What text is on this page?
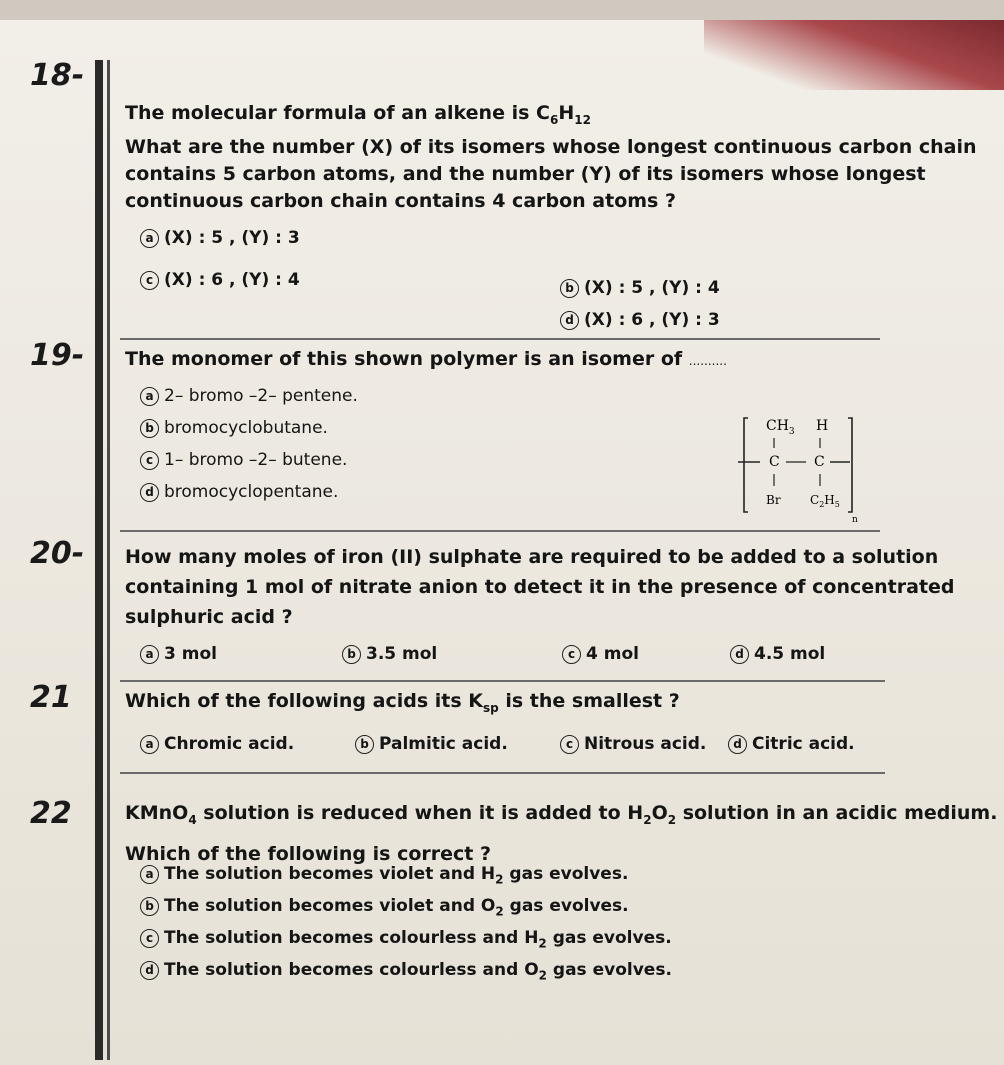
18-
The molecular formula of an alkene is $C_6H_{12}$
What are the number (X) of its isomers whose longest continuous carbon chain
contains 5 carbon atoms, and the number (Y) of its isomers whose longest
continuous carbon chain contains 4 carbon atoms ?
a (X) : 5 , (Y) : 3
b (X) : 5 , (Y) : 4
c (X) : 6 , (Y) : 4
d (X) : 6 , (Y) : 3
19- The monomer of this shown polymer is an isomer of ..........
a 2– bromo –2– pentene.
b bromocyclobutane.
c 1– bromo –2– butene.
d bromocyclopentane.
$CH_3$ H
C C
Br $C_2H_5$
n
20- How many moles of iron (II) sulphate are required to be added to a solution
containing 1 mol of nitrate anion to detect it in the presence of concentrated
sulphuric acid ?
a 3 mol	b 3.5 mol	c 4 mol	d 4.5 mol
21	Which of the following acids its $K_{sp}$ is the smallest ?
a Chromic acid.	b Palmitic acid.	c Nitrous acid.	d Citric acid.
22	KMnO$_4$ solution is reduced when it is added to $H_2O_2$ solution in an acidic medium.
Which of the following is correct ?
a The solution becomes violet and $H_2$ gas evolves.
b The solution becomes violet and $O_2$ gas evolves.
c The solution becomes colourless and $H_2$ gas evolves.
d The solution becomes colourless and $O_2$ gas evolves.
